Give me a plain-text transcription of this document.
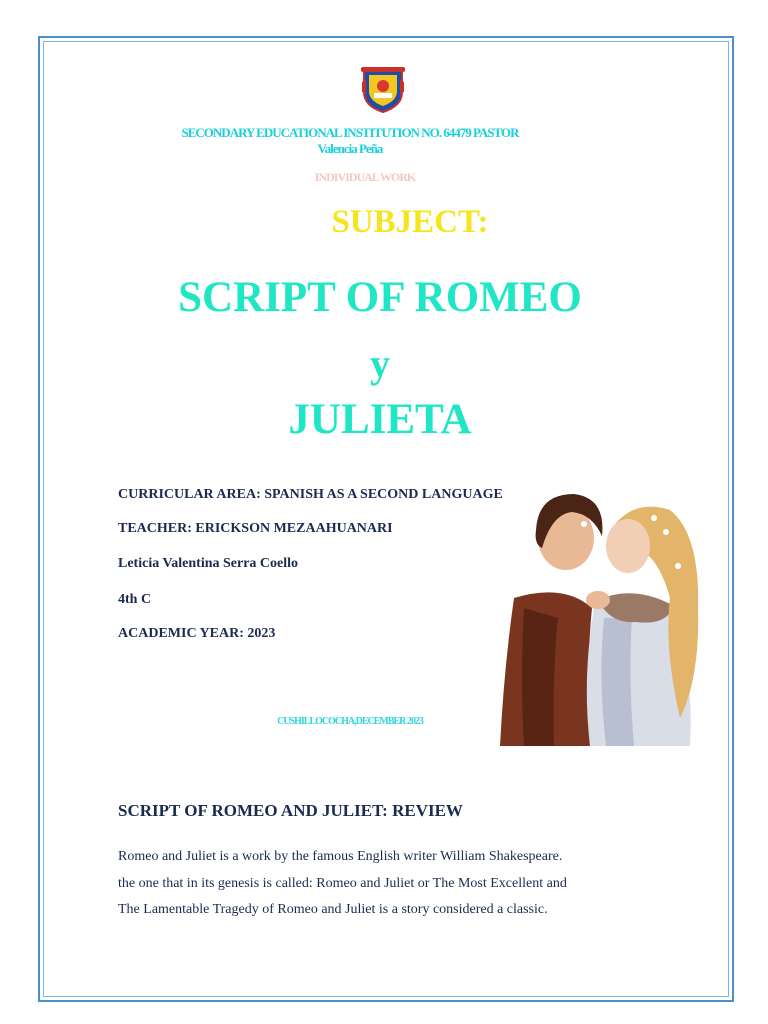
SECONDARY EDUCATIONAL INSTITUTION NO. 64479 PASTOR

Valencia Peña

INDIVIDUAL WORK

SUBJECT:

SCRIPT OF ROMEO

y

JULIETA

CURRICULAR AREA: SPANISH AS A SECOND LANGUAGE

TEACHER: ERICKSON MEZAAHUANARI

Leticia Valentina Serra Coello

4th C

ACADEMIC YEAR: 2023

CUSHILLOCOCHA,DECEMBER 2023

SCRIPT OF ROMEO AND JULIET: REVIEW

Romeo and Juliet is a work by the famous English writer William Shakespeare.
the one that in its genesis is called: Romeo and Juliet or The Most Excellent and
The Lamentable Tragedy of Romeo and Juliet is a story considered a classic.
